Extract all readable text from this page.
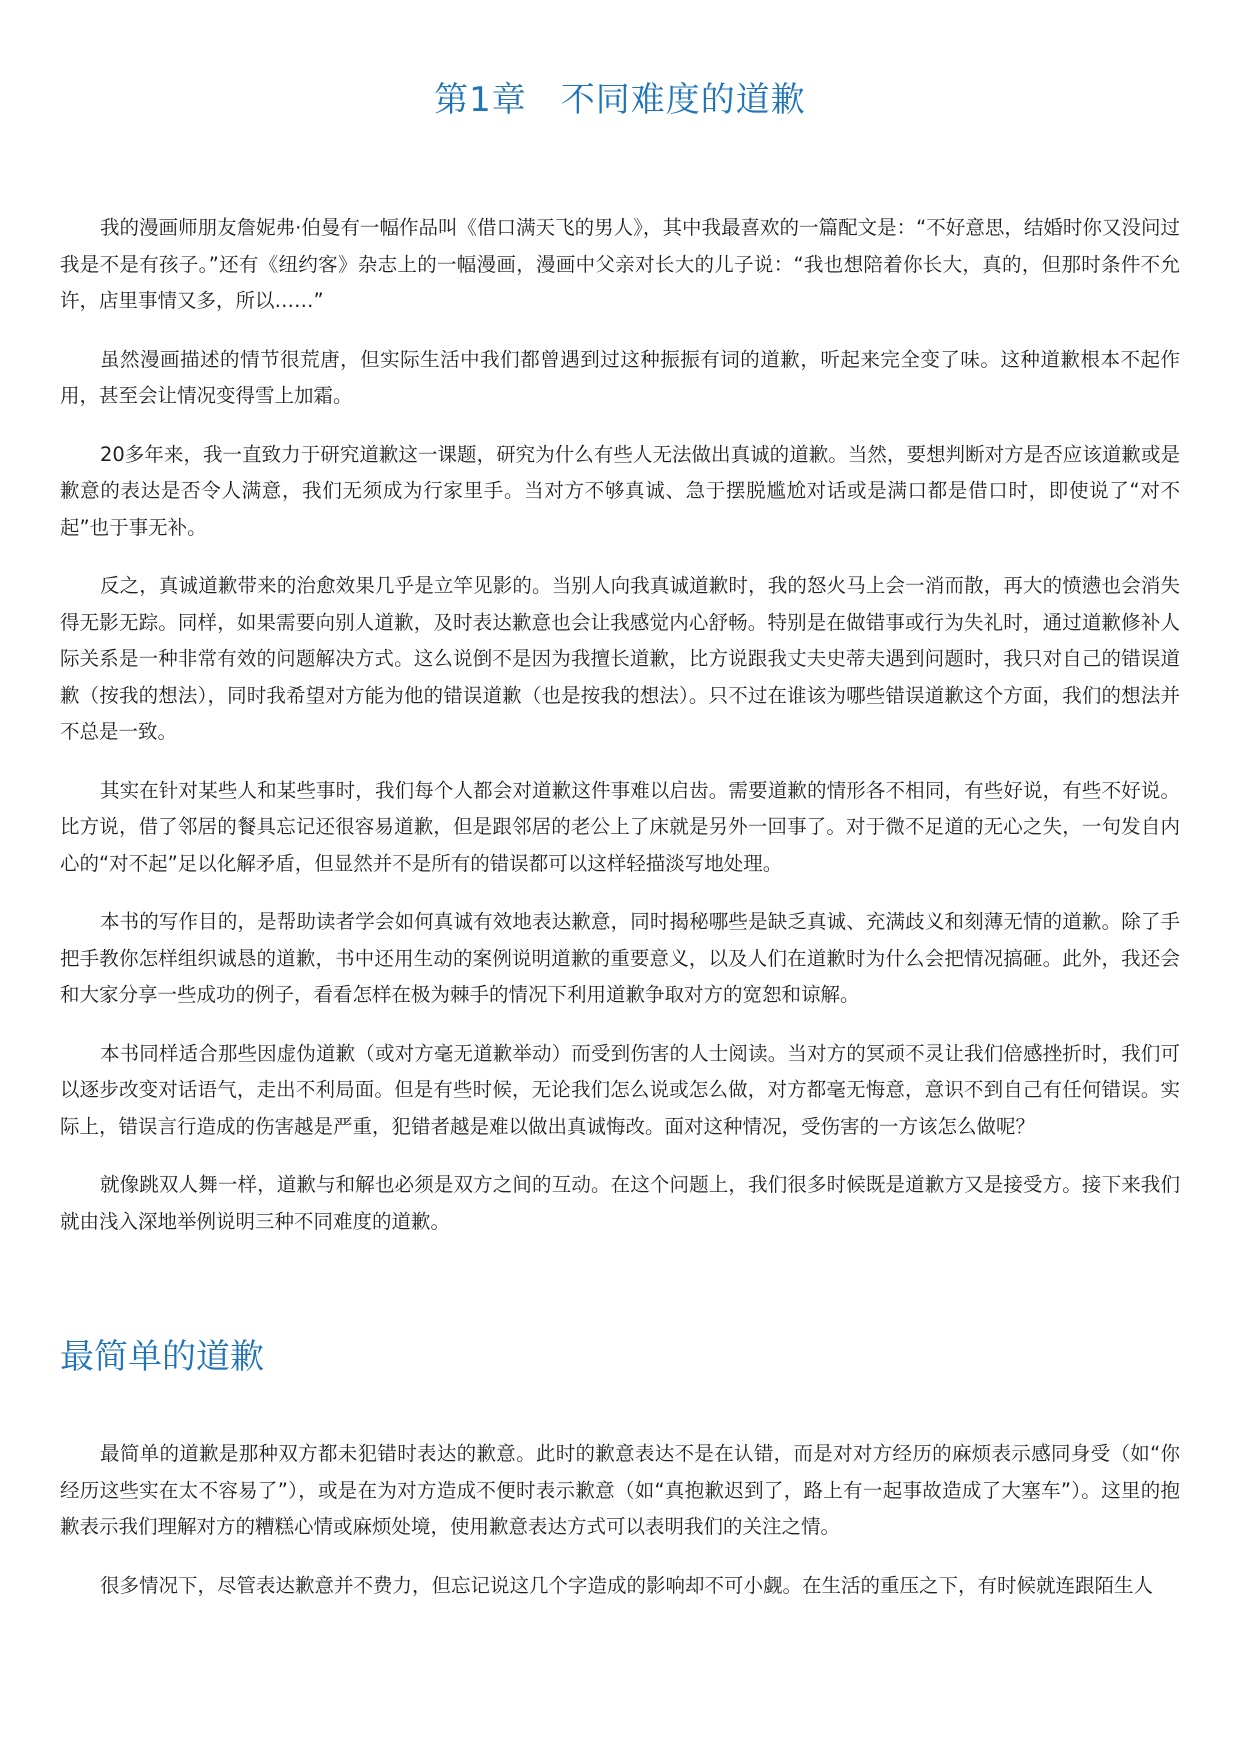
第1章 不同难度的道歉

我的漫画师朋友詹妮弗·伯曼有一幅作品叫《借口满天飞的男人》，其中我最喜欢的一篇配文是：“不好意思，结婚时你又没问过我是不是有孩子。”还有《纽约客》杂志上的一幅漫画，漫画中父亲对长大的儿子说：“我也想陪着你长大，真的，但那时条件不允许，店里事情又多，所以……”

虽然漫画描述的情节很荒唐，但实际生活中我们都曾遇到过这种振振有词的道歉，听起来完全变了味。这种道歉根本不起作用，甚至会让情况变得雪上加霜。

20多年来，我一直致力于研究道歉这一课题，研究为什么有些人无法做出真诚的道歉。当然，要想判断对方是否应该道歉或是歉意的表达是否令人满意，我们无须成为行家里手。当对方不够真诚、急于摆脱尴尬对话或是满口都是借口时，即使说了“对不起”也于事无补。

反之，真诚道歉带来的治愈效果几乎是立竿见影的。当别人向我真诚道歉时，我的怒火马上会一消而散，再大的愤懑也会消失得无影无踪。同样，如果需要向别人道歉，及时表达歉意也会让我感觉内心舒畅。特别是在做错事或行为失礼时，通过道歉修补人际关系是一种非常有效的问题解决方式。这么说倒不是因为我擅长道歉，比方说跟我丈夫史蒂夫遇到问题时，我只对自己的错误道歉（按我的想法），同时我希望对方能为他的错误道歉（也是按我的想法）。只不过在谁该为哪些错误道歉这个方面，我们的想法并不总是一致。

其实在针对某些人和某些事时，我们每个人都会对道歉这件事难以启齿。需要道歉的情形各不相同，有些好说，有些不好说。比方说，借了邻居的餐具忘记还很容易道歉，但是跟邻居的老公上了床就是另外一回事了。对于微不足道的无心之失，一句发自内心的“对不起”足以化解矛盾，但显然并不是所有的错误都可以这样轻描淡写地处理。

本书的写作目的，是帮助读者学会如何真诚有效地表达歉意，同时揭秘哪些是缺乏真诚、充满歧义和刻薄无情的道歉。除了手把手教你怎样组织诚恳的道歉，书中还用生动的案例说明道歉的重要意义，以及人们在道歉时为什么会把情况搞砸。此外，我还会和大家分享一些成功的例子，看看怎样在极为棘手的情况下利用道歉争取对方的宽恕和谅解。

本书同样适合那些因虚伪道歉（或对方毫无道歉举动）而受到伤害的人士阅读。当对方的冥顽不灵让我们倍感挫折时，我们可以逐步改变对话语气，走出不利局面。但是有些时候，无论我们怎么说或怎么做，对方都毫无悔意，意识不到自己有任何错误。实际上，错误言行造成的伤害越是严重，犯错者越是难以做出真诚悔改。面对这种情况，受伤害的一方该怎么做呢？

就像跳双人舞一样，道歉与和解也必须是双方之间的互动。在这个问题上，我们很多时候既是道歉方又是接受方。接下来我们就由浅入深地举例说明三种不同难度的道歉。

最简单的道歉

最简单的道歉是那种双方都未犯错时表达的歉意。此时的歉意表达不是在认错，而是对对方经历的麻烦表示感同身受（如“你经历这些实在太不容易了”），或是在为对方造成不便时表示歉意（如“真抱歉迟到了，路上有一起事故造成了大塞车”）。这里的抱歉表示我们理解对方的糟糕心情或麻烦处境，使用歉意表达方式可以表明我们的关注之情。

很多情况下，尽管表达歉意并不费力，但忘记说这几个字造成的影响却不可小觑。在生活的重压之下，有时候就连跟陌生人
